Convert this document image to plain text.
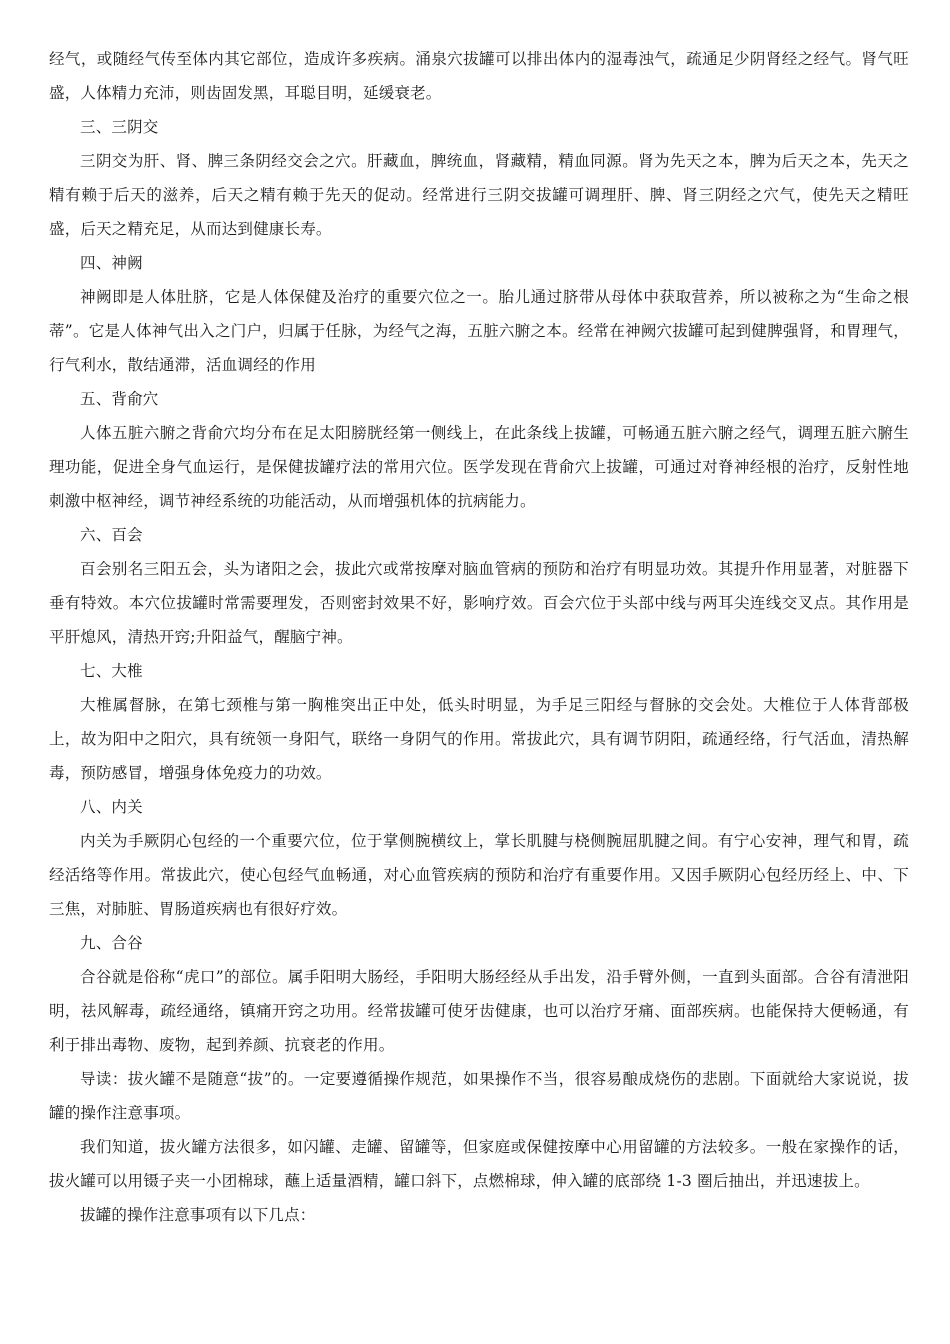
经气，或随经气传至体内其它部位，造成许多疾病。涌泉穴拔罐可以排出体内的湿毒浊气，疏通足少阴肾经之经气。肾气旺盛，人体精力充沛，则齿固发黑，耳聪目明，延缓衰老。

三、三阴交

三阴交为肝、肾、脾三条阴经交会之穴。肝藏血，脾统血，肾藏精，精血同源。肾为先天之本，脾为后天之本，先天之精有赖于后天的滋养，后天之精有赖于先天的促动。经常进行三阴交拔罐可调理肝、脾、肾三阴经之穴气，使先天之精旺盛，后天之精充足，从而达到健康长寿。

四、神阙

神阙即是人体肚脐，它是人体保健及治疗的重要穴位之一。胎儿通过脐带从母体中获取营养，所以被称之为“生命之根蒂”。它是人体神气出入之门户，归属于任脉，为经气之海，五脏六腑之本。经常在神阙穴拔罐可起到健脾强肾，和胃理气，行气利水，散结通滞，活血调经的作用

五、背俞穴

人体五脏六腑之背俞穴均分布在足太阳膀胱经第一侧线上，在此条线上拔罐，可畅通五脏六腑之经气，调理五脏六腑生理功能，促进全身气血运行，是保健拔罐疗法的常用穴位。医学发现在背俞穴上拔罐，可通过对脊神经根的治疗，反射性地刺激中枢神经，调节神经系统的功能活动，从而增强机体的抗病能力。

六、百会

百会别名三阳五会，头为诸阳之会，拔此穴或常按摩对脑血管病的预防和治疗有明显功效。其提升作用显著，对脏器下垂有特效。本穴位拔罐时常需要理发，否则密封效果不好，影响疗效。百会穴位于头部中线与两耳尖连线交叉点。其作用是平肝熄风，清热开窍;升阳益气，醒脑宁神。

七、大椎

大椎属督脉，在第七颈椎与第一胸椎突出正中处，低头时明显，为手足三阳经与督脉的交会处。大椎位于人体背部极上，故为阳中之阳穴，具有统领一身阳气，联络一身阴气的作用。常拔此穴，具有调节阴阳，疏通经络，行气活血，清热解毒，预防感冒，增强身体免疫力的功效。

八、内关

内关为手厥阴心包经的一个重要穴位，位于掌侧腕横纹上，掌长肌腱与桡侧腕屈肌腱之间。有宁心安神，理气和胃，疏经活络等作用。常拔此穴，使心包经气血畅通，对心血管疾病的预防和治疗有重要作用。又因手厥阴心包经历经上、中、下三焦，对肺脏、胃肠道疾病也有很好疗效。

九、合谷

合谷就是俗称“虎口”的部位。属手阳明大肠经，手阳明大肠经经从手出发，沿手臂外侧，一直到头面部。合谷有清泄阳明，祛风解毒，疏经通络，镇痛开窍之功用。经常拔罐可使牙齿健康，也可以治疗牙痛、面部疾病。也能保持大便畅通，有利于排出毒物、废物，起到养颜、抗衰老的作用。

导读：拔火罐不是随意“拔”的。一定要遵循操作规范，如果操作不当，很容易酿成烧伤的悲剧。下面就给大家说说，拔罐的操作注意事项。

我们知道，拔火罐方法很多，如闪罐、走罐、留罐等，但家庭或保健按摩中心用留罐的方法较多。一般在家操作的话，拔火罐可以用镊子夹一小团棉球，蘸上适量酒精，罐口斜下，点燃棉球，伸入罐的底部绕 1-3 圈后抽出，并迅速拔上。

拔罐的操作注意事项有以下几点：
